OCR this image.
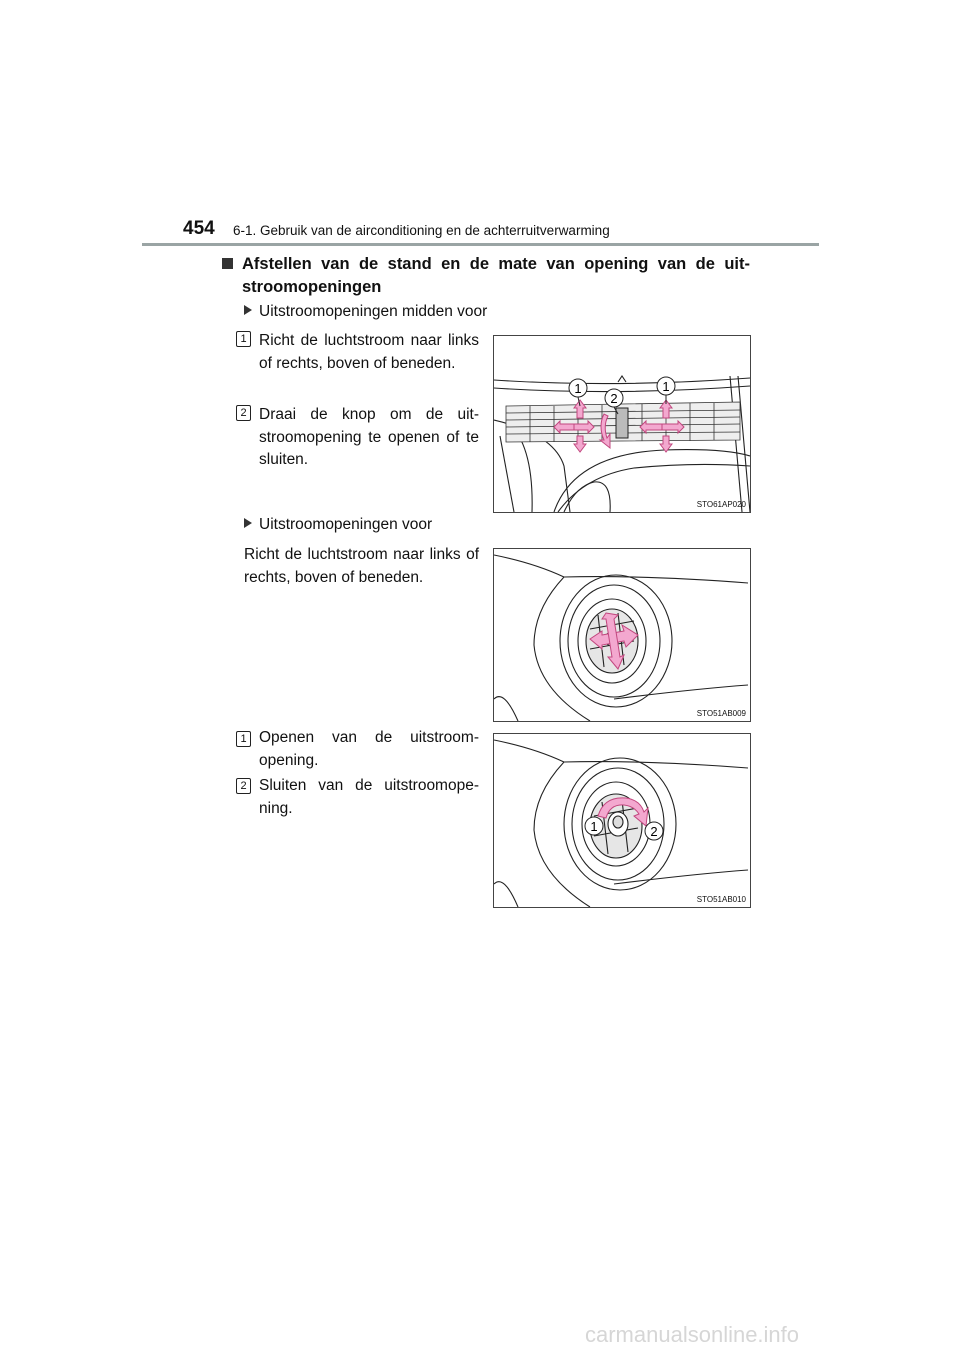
454 6-1. Gebruik van de airconditioning en de achterruitverwarming
Afstellen van de stand en de mate van opening van de uit- stroomopeningen
Uitstroomopeningen midden voor
1 Richt de luchtstroom naar links of rechts, boven of beneden.
2 Draai de knop om de uit- stroomopening te openen of te sluiten.
1
2
1
STO61AP020
Uitstroomopeningen voor
Richt de luchtstroom naar links of rechts, boven of beneden.
STO51AB009
1 Openen van de uitstroom- opening.
2 Sluiten van de uitstroomope- ning.
1	2
STO51AB010
carmanualsonline.info
